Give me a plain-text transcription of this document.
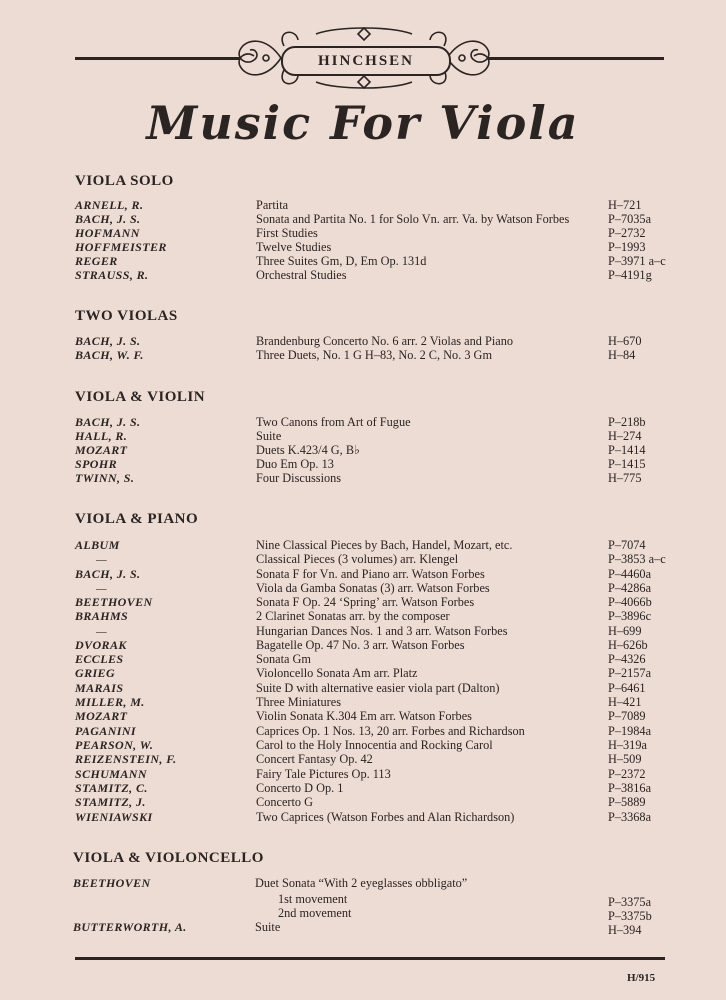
HINCHSEN
Music For Viola
VIOLA SOLO
ARNELL, R.	Partita	H–721
BACH, J. S.	Sonata and Partita No. 1 for Solo Vn. arr. Va. by Watson Forbes	P–7035a
HOFMANN	First Studies	P–2732
HOFFMEISTER	Twelve Studies	P–1993
REGER	Three Suites Gm, D, Em Op. 131d	P–3971 a–c
STRAUSS, R.	Orchestral Studies	P–4191g
TWO VIOLAS
BACH, J. S.	Brandenburg Concerto No. 6 arr. 2 Violas and Piano	H–670
BACH, W. F.	Three Duets, No. 1 G H–83, No. 2 C, No. 3 Gm	H–84
VIOLA & VIOLIN
BACH, J. S.	Two Canons from Art of Fugue	P–218b
HALL, R.	Suite	H–274
MOZART	Duets K.423/4 G, B♭	P–1414
SPOHR	Duo Em Op. 13	P–1415
TWINN, S.	Four Discussions	H–775
VIOLA & PIANO
ALBUM	Nine Classical Pieces by Bach, Handel, Mozart, etc.	P–7074
—	Classical Pieces (3 volumes) arr. Klengel	P–3853 a–c
BACH, J. S.	Sonata F for Vn. and Piano arr. Watson Forbes	P–4460a
—	Viola da Gamba Sonatas (3) arr. Watson Forbes	P–4286a
BEETHOVEN	Sonata F Op. 24 ‘Spring’ arr. Watson Forbes	P–4066b
BRAHMS	2 Clarinet Sonatas arr. by the composer	P–3896c
—	Hungarian Dances Nos. 1 and 3 arr. Watson Forbes	H–699
DVORAK	Bagatelle Op. 47 No. 3 arr. Watson Forbes	H–626b
ECCLES	Sonata Gm	P–4326
GRIEG	Violoncello Sonata Am arr. Platz	P–2157a
MARAIS	Suite D with alternative easier viola part (Dalton)	P–6461
MILLER, M.	Three Miniatures	H–421
MOZART	Violin Sonata K.304 Em arr. Watson Forbes	P–7089
PAGANINI	Caprices Op. 1 Nos. 13, 20 arr. Forbes and Richardson	P–1984a
PEARSON, W.	Carol to the Holy Innocentia and Rocking Carol	H–319a
REIZENSTEIN, F.	Concert Fantasy Op. 42	H–509
SCHUMANN	Fairy Tale Pictures Op. 113	P–2372
STAMITZ, C.	Concerto D Op. 1	P–3816a
STAMITZ, J.	Concerto G	P–5889
WIENIAWSKI	Two Caprices (Watson Forbes and Alan Richardson)	P–3368a
VIOLA & VIOLONCELLO
BEETHOVEN	Duet Sonata “With 2 eyeglasses obbligato”
1st movement	P–3375a
2nd movement	P–3375b
BUTTERWORTH, A.	Suite	H–394
H/915
